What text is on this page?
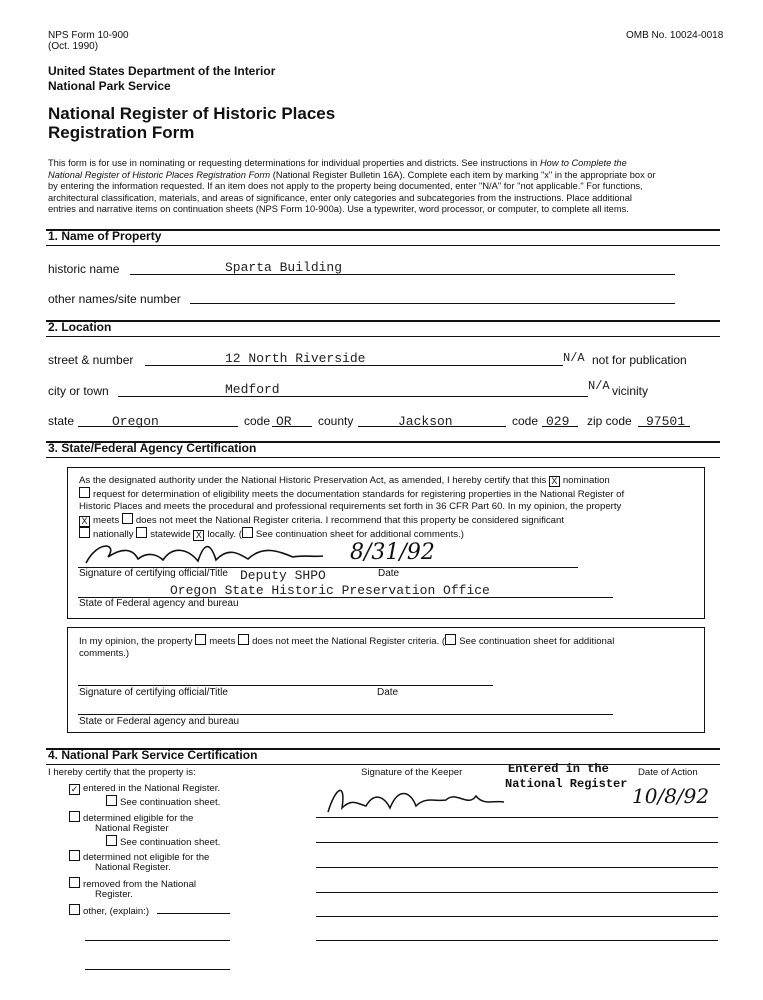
NPS Form 10-900
(Oct. 1990)
OMB No. 10024-0018
United States Department of the Interior
National Park Service
National Register of Historic Places
Registration Form
This form is for use in nominating or requesting determinations for individual properties and districts. See instructions in How to Complete the
National Register of Historic Places Registration Form (National Register Bulletin 16A). Complete each item by marking "x" in the appropriate box or
by entering the information requested. If an item does not apply to the property being documented, enter "N/A" for "not applicable." For functions,
architectural classification, materials, and areas of significance, enter only categories and subcategories from the instructions. Place additional
entries and narrative items on continuation sheets (NPS Form 10-900a). Use a typewriter, word processor, or computer, to complete all items.
1. Name of Property
historic name	Sparta Building
other names/site number
2. Location
street & number	12 North Riverside	N/A not for publication
city or town	Medford	N/A vicinity
state	Oregon	code OR county	Jackson	code 029 zip code 97501
3. State/Federal Agency Certification
As the designated authority under the National Historic Preservation Act, as amended, I hereby certify that this X nomination
request for determination of eligibility meets the documentation standards for registering properties in the National Register of
Historic Places and meets the procedural and professional requirements set forth in 36 CFR Part 60. In my opinion, the property
X meets does not meet the National Register criteria. I recommend that this property be considered significant
nationally statewide X locally. ( See continuation sheet for additional comments.)
Signature of certifying official/Title Deputy SHPO	Date
8/31/92
Oregon State Historic Preservation Office
State of Federal agency and bureau
In my opinion, the property meets does not meet the National Register criteria. ( See continuation sheet for additional
comments.)
Signature of certifying official/Title	Date
State or Federal agency and bureau
4. National Park Service Certification
I hereby certify that the property is:
✓ entered in the National Register.
See continuation sheet.
determined eligible for the
National Register
See continuation sheet.
determined not eligible for the
National Register.
removed from the National
Register.
other, (explain:)
Signature of the Keeper	Entered in the
National Register
Date of Action
10/8/92
